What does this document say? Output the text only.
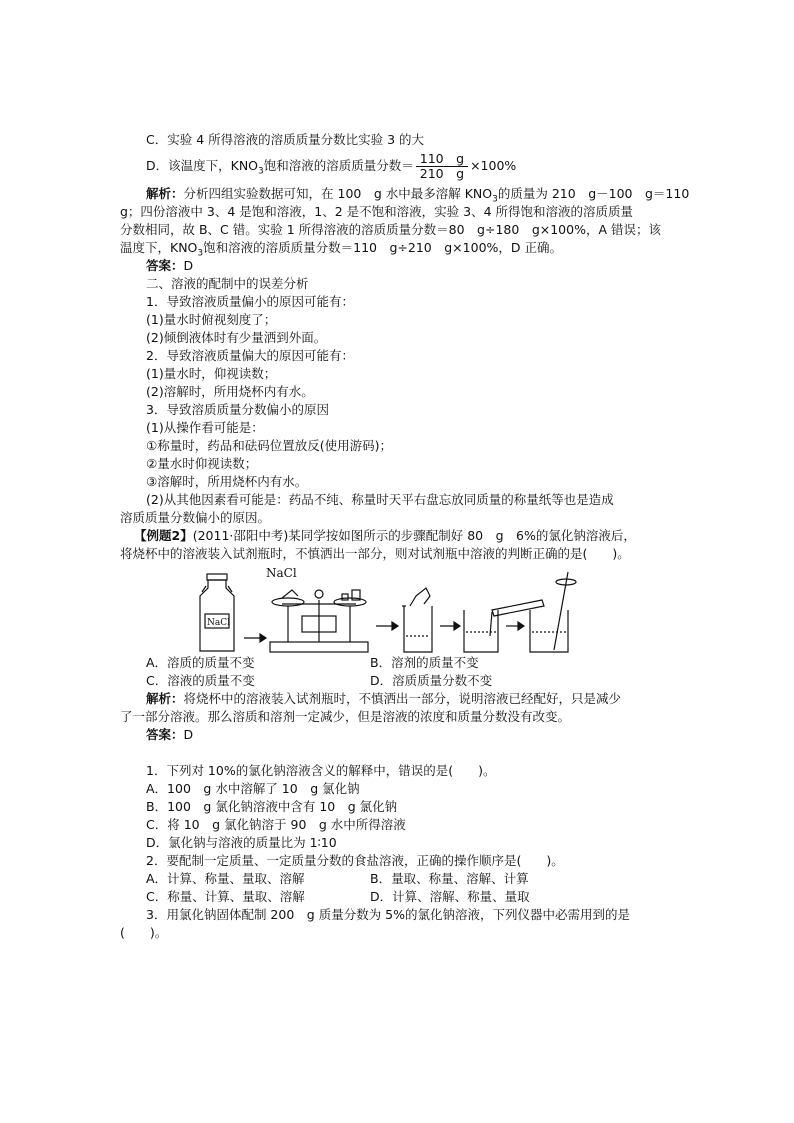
C．实验 4 所得溶液的溶质质量分数比实验 3 的大
D．该温度下，$KNO_3$饱和溶液的溶质质量分数＝ $\frac{110 g}{210 g} \times 100\%$
解析：分析四组实验数据可知，在 100　g 水中最多溶解 $KNO_3$的质量为 210　g－100　g＝110
g；四份溶液中 3、4 是饱和溶液，1、2 是不饱和溶液，实验 3、4 所得饱和溶液的溶质质量
分数相同，故 B、C 错。实验 1 所得溶液的溶质质量分数＝80　g÷180　g×100%，A 错误；该
温度下，$KNO_3$饱和溶液的溶质质量分数＝110　g÷210　g×100%，D 正确。
答案：D
二、溶液的配制中的误差分析
1．导致溶液质量偏小的原因可能有：
(1)量水时俯视刻度了；
(2)倾倒液体时有少量洒到外面。
2．导致溶液质量偏大的原因可能有：
(1)量水时，仰视读数；
(2)溶解时，所用烧杯内有水。
3．导致溶质质量分数偏小的原因
(1)从操作看可能是：
①称量时，药品和砝码位置放反(使用游码)；
②量水时仰视读数；
③溶解时，所用烧杯内有水。
(2)从其他因素看可能是：药品不纯、称量时天平右盘忘放同质量的称量纸等也是造成
溶质质量分数偏小的原因。
【例题2】(2011·邵阳中考)某同学按如图所示的步骤配制好 80　g　6%的氯化钠溶液后，
将烧杯中的溶液装入试剂瓶时，不慎洒出一部分，则对试剂瓶中溶液的判断正确的是(　　)。
NaCl
NaCl
A．溶质的质量不变	B．溶剂的质量不变
C．溶液的质量不变	D．溶质质量分数不变
解析：将烧杯中的溶液装入试剂瓶时，不慎洒出一部分，说明溶液已经配好，只是减少
了一部分溶液。那么溶质和溶剂一定减少，但是溶液的浓度和质量分数没有改变。
答案：D
1．下列对 10%的氯化钠溶液含义的解释中，错误的是(　　)。
A．100　g 水中溶解了 10　g 氯化钠
B．100　g 氯化钠溶液中含有 10　g 氯化钠
C．将 10　g 氯化钠溶于 90　g 水中所得溶液
D．氯化钠与溶液的质量比为 1∶10
2．要配制一定质量、一定质量分数的食盐溶液，正确的操作顺序是(　　)。
A．计算、称量、量取、溶解	B．量取、称量、溶解、计算
C．称量、计算、量取、溶解	D．计算、溶解、称量、量取
3．用氯化钠固体配制 200　g 质量分数为 5%的氯化钠溶液，下列仪器中必需用到的是
(　　)。
